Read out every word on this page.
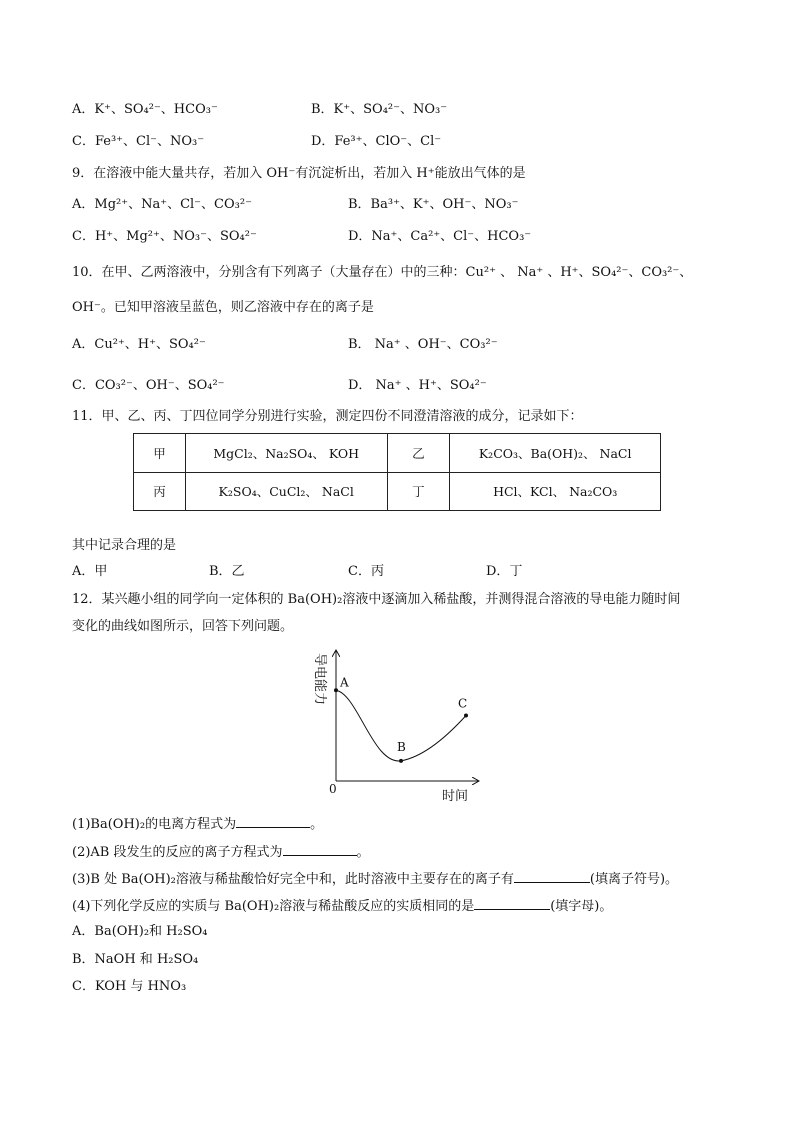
A．K⁺、SO₄²⁻、HCO₃⁻	B．K⁺、SO₄²⁻、NO₃⁻
C．Fe³⁺、Cl⁻、NO₃⁻	D．Fe³⁺、ClO⁻、Cl⁻
9．在溶液中能大量共存，若加入 OH⁻有沉淀析出，若加入 H⁺能放出气体的是
A．Mg²⁺、Na⁺、Cl⁻、CO₃²⁻	B．Ba³⁺、K⁺、OH⁻、NO₃⁻
C．H⁺、Mg²⁺、NO₃⁻、SO₄²⁻	D．Na⁺、Ca²⁺、Cl⁻、HCO₃⁻
10．在甲、乙两溶液中，分别含有下列离子（大量存在）中的三种：Cu²⁺ 、 Na⁺ 、H⁺、SO₄²⁻、CO₃²⁻、
OH⁻。已知甲溶液呈蓝色，则乙溶液中存在的离子是
A．Cu²⁺、H⁺、SO₄²⁻	B． Na⁺ 、OH⁻、CO₃²⁻
C．CO₃²⁻、OH⁻、SO₄²⁻	D． Na⁺ 、H⁺、SO₄²⁻
11．甲、乙、丙、丁四位同学分别进行实验，测定四份不同澄清溶液的成分，记录如下：
甲	MgCl₂、Na₂SO₄、 KOH	乙	K₂CO₃、Ba(OH)₂、 NaCl
丙	K₂SO₄、CuCl₂、 NaCl	丁	HCl、KCl、 Na₂CO₃
其中记录合理的是
A．甲	B．乙	C．丙	D．丁
12．某兴趣小组的同学向一定体积的 Ba(OH)₂溶液中逐滴加入稀盐酸，并测得混合溶液的导电能力随时间
变化的曲线如图所示，回答下列问题。
导电能力
时间
0
A
B
C
(1)Ba(OH)₂的电离方程式为	。
(2)AB 段发生的反应的离子方程式为	。
(3)B 处 Ba(OH)₂溶液与稀盐酸恰好完全中和，此时溶液中主要存在的离子有	(填离子符号)。
(4)下列化学反应的实质与 Ba(OH)₂溶液与稀盐酸反应的实质相同的是	(填字母)。
A．Ba(OH)₂和 H₂SO₄
B．NaOH 和 H₂SO₄
C．KOH 与 HNO₃
